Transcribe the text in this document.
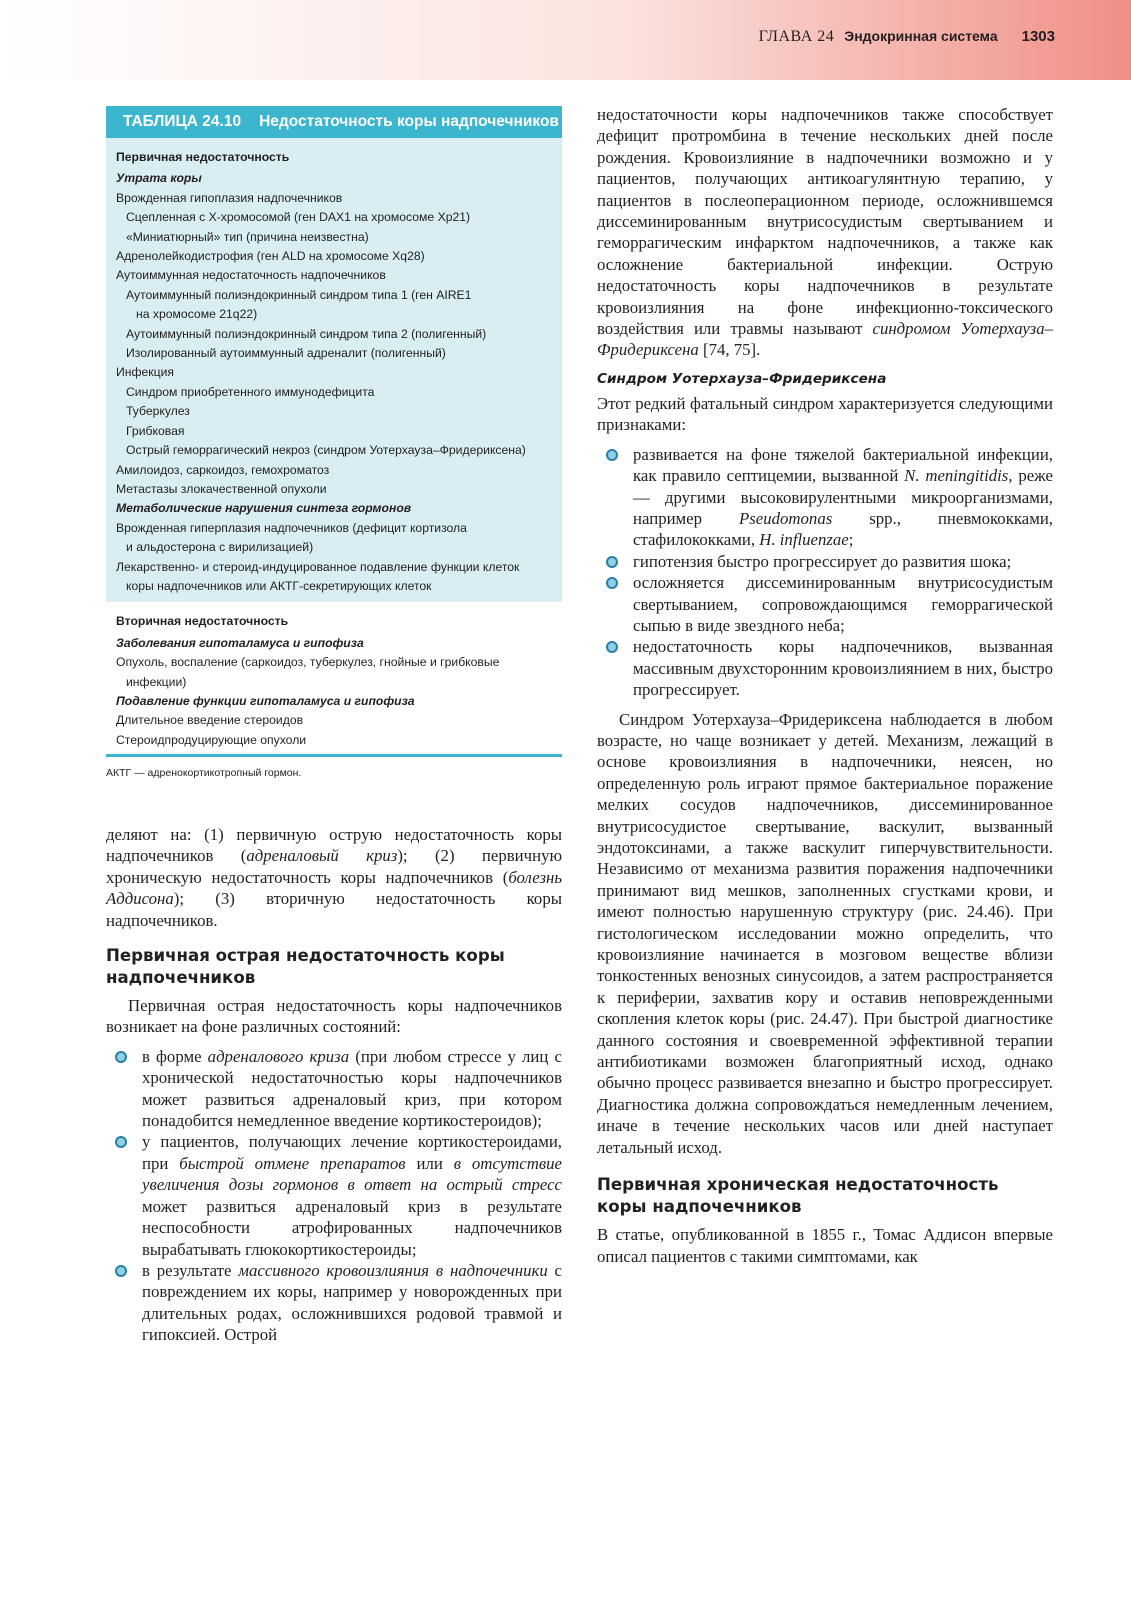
ГЛАВА 24 Эндокринная система 1303
ТАБЛИЦА 24.10 Недостаточность коры надпочечников
Первичная недостаточность
Утрата коры
Врожденная гипоплазия надпочечников
Сцепленная с Х-хромосомой (ген DAX1 на хромосоме Xp21)
«Миниатюрный» тип (причина неизвестна)
Адренолейкодистрофия (ген ALD на хромосоме Xq28)
Аутоиммунная недостаточность надпочечников
Аутоиммунный полиэндокринный синдром типа 1 (ген AIRE1
на хромосоме 21q22)
Аутоиммунный полиэндокринный синдром типа 2 (полигенный)
Изолированный аутоиммунный адреналит (полигенный)
Инфекция
Синдром приобретенного иммунодефицита
Туберкулез
Грибковая
Острый геморрагический некроз (синдром Уотерхауза–Фридериксена)
Амилоидоз, саркоидоз, гемохроматоз
Метастазы злокачественной опухоли
Метаболические нарушения синтеза гормонов
Врожденная гиперплазия надпочечников (дефицит кортизола
и альдостерона с вирилизацией)
Лекарственно- и стероид-индуцированное подавление функции клеток
коры надпочечников или АКТГ-секретирующих клеток
Вторичная недостаточность
Заболевания гипоталамуса и гипофиза
Опухоль, воспаление (саркоидоз, туберкулез, гнойные и грибковые
инфекции)
Подавление функции гипоталамуса и гипофиза
Длительное введение стероидов
Стероидпродуцирующие опухоли
АКТГ — адренокортикотропный гормон.

деляют на: (1) первичную острую недостаточность коры надпочечников (адреналовый криз); (2) первичную хроническую недостаточность коры надпочечников (болезнь Аддисона); (3) вторичную недостаточность коры надпочечников.

Первичная острая недостаточность коры надпочечников

Первичная острая недостаточность коры надпочечников возникает на фоне различных состояний:

в форме адреналового криза (при любом стрессе у лиц с хронической недостаточностью коры надпочечников может развиться адреналовый криз, при котором понадобится немедленное введение кортикостероидов);
у пациентов, получающих лечение кортикостероидами, при быстрой отмене препаратов или в отсутствие увеличения дозы гормонов в ответ на острый стресс может развиться адреналовый криз в результате неспособности атрофированных надпочечников вырабатывать глюкокортикостероиды;
в результате массивного кровоизлияния в надпочечники с повреждением их коры, например у новорожденных при длительных родах, осложнившихся родовой травмой и гипоксией. Острой

недостаточности коры надпочечников также способствует дефицит протромбина в течение нескольких дней после рождения. Кровоизлияние в надпочечники возможно и у пациентов, получающих антикоагулянтную терапию, у пациентов в послеоперационном периоде, осложнившемся диссеминированным внутрисосудистым свертыванием и геморрагическим инфарктом надпочечников, а также как осложнение бактериальной инфекции. Острую недостаточность коры надпочечников в результате кровоизлияния на фоне инфекционно-токсического воздействия или травмы называют синдромом Уотерхауза–Фридериксена [74, 75].

Синдром Уотерхауза–Фридериксена

Этот редкий фатальный синдром характеризуется следующими признаками:

развивается на фоне тяжелой бактериальной инфекции, как правило септицемии, вызванной N. meningitidis, реже — другими высоковирулентными микроорганизмами, например Pseudomonas spp., пневмококками, стафилококками, H. influenzae;
гипотензия быстро прогрессирует до развития шока;
осложняется диссеминированным внутрисосудистым свертыванием, сопровождающимся геморрагической сыпью в виде звездного неба;
недостаточность коры надпочечников, вызванная массивным двухсторонним кровоизлиянием в них, быстро прогрессирует.

Синдром Уотерхауза–Фридериксена наблюдается в любом возрасте, но чаще возникает у детей. Механизм, лежащий в основе кровоизлияния в надпочечники, неясен, но определенную роль играют прямое бактериальное поражение мелких сосудов надпочечников, диссеминированное внутрисосудистое свертывание, васкулит, вызванный эндотоксинами, а также васкулит гиперчувствительности. Независимо от механизма развития поражения надпочечники принимают вид мешков, заполненных сгустками крови, и имеют полностью нарушенную структуру (рис. 24.46). При гистологическом исследовании можно определить, что кровоизлияние начинается в мозговом веществе вблизи тонкостенных венозных синусоидов, а затем распространяется к периферии, захватив кору и оставив неповрежденными скопления клеток коры (рис. 24.47). При быстрой диагностике данного состояния и своевременной эффективной терапии антибиотиками возможен благоприятный исход, однако обычно процесс развивается внезапно и быстро прогрессирует. Диагностика должна сопровождаться немедленным лечением, иначе в течение нескольких часов или дней наступает летальный исход.

Первичная хроническая недостаточность коры надпочечников

В статье, опубликованной в 1855 г., Томас Аддисон впервые описал пациентов с такими симптомами, как
